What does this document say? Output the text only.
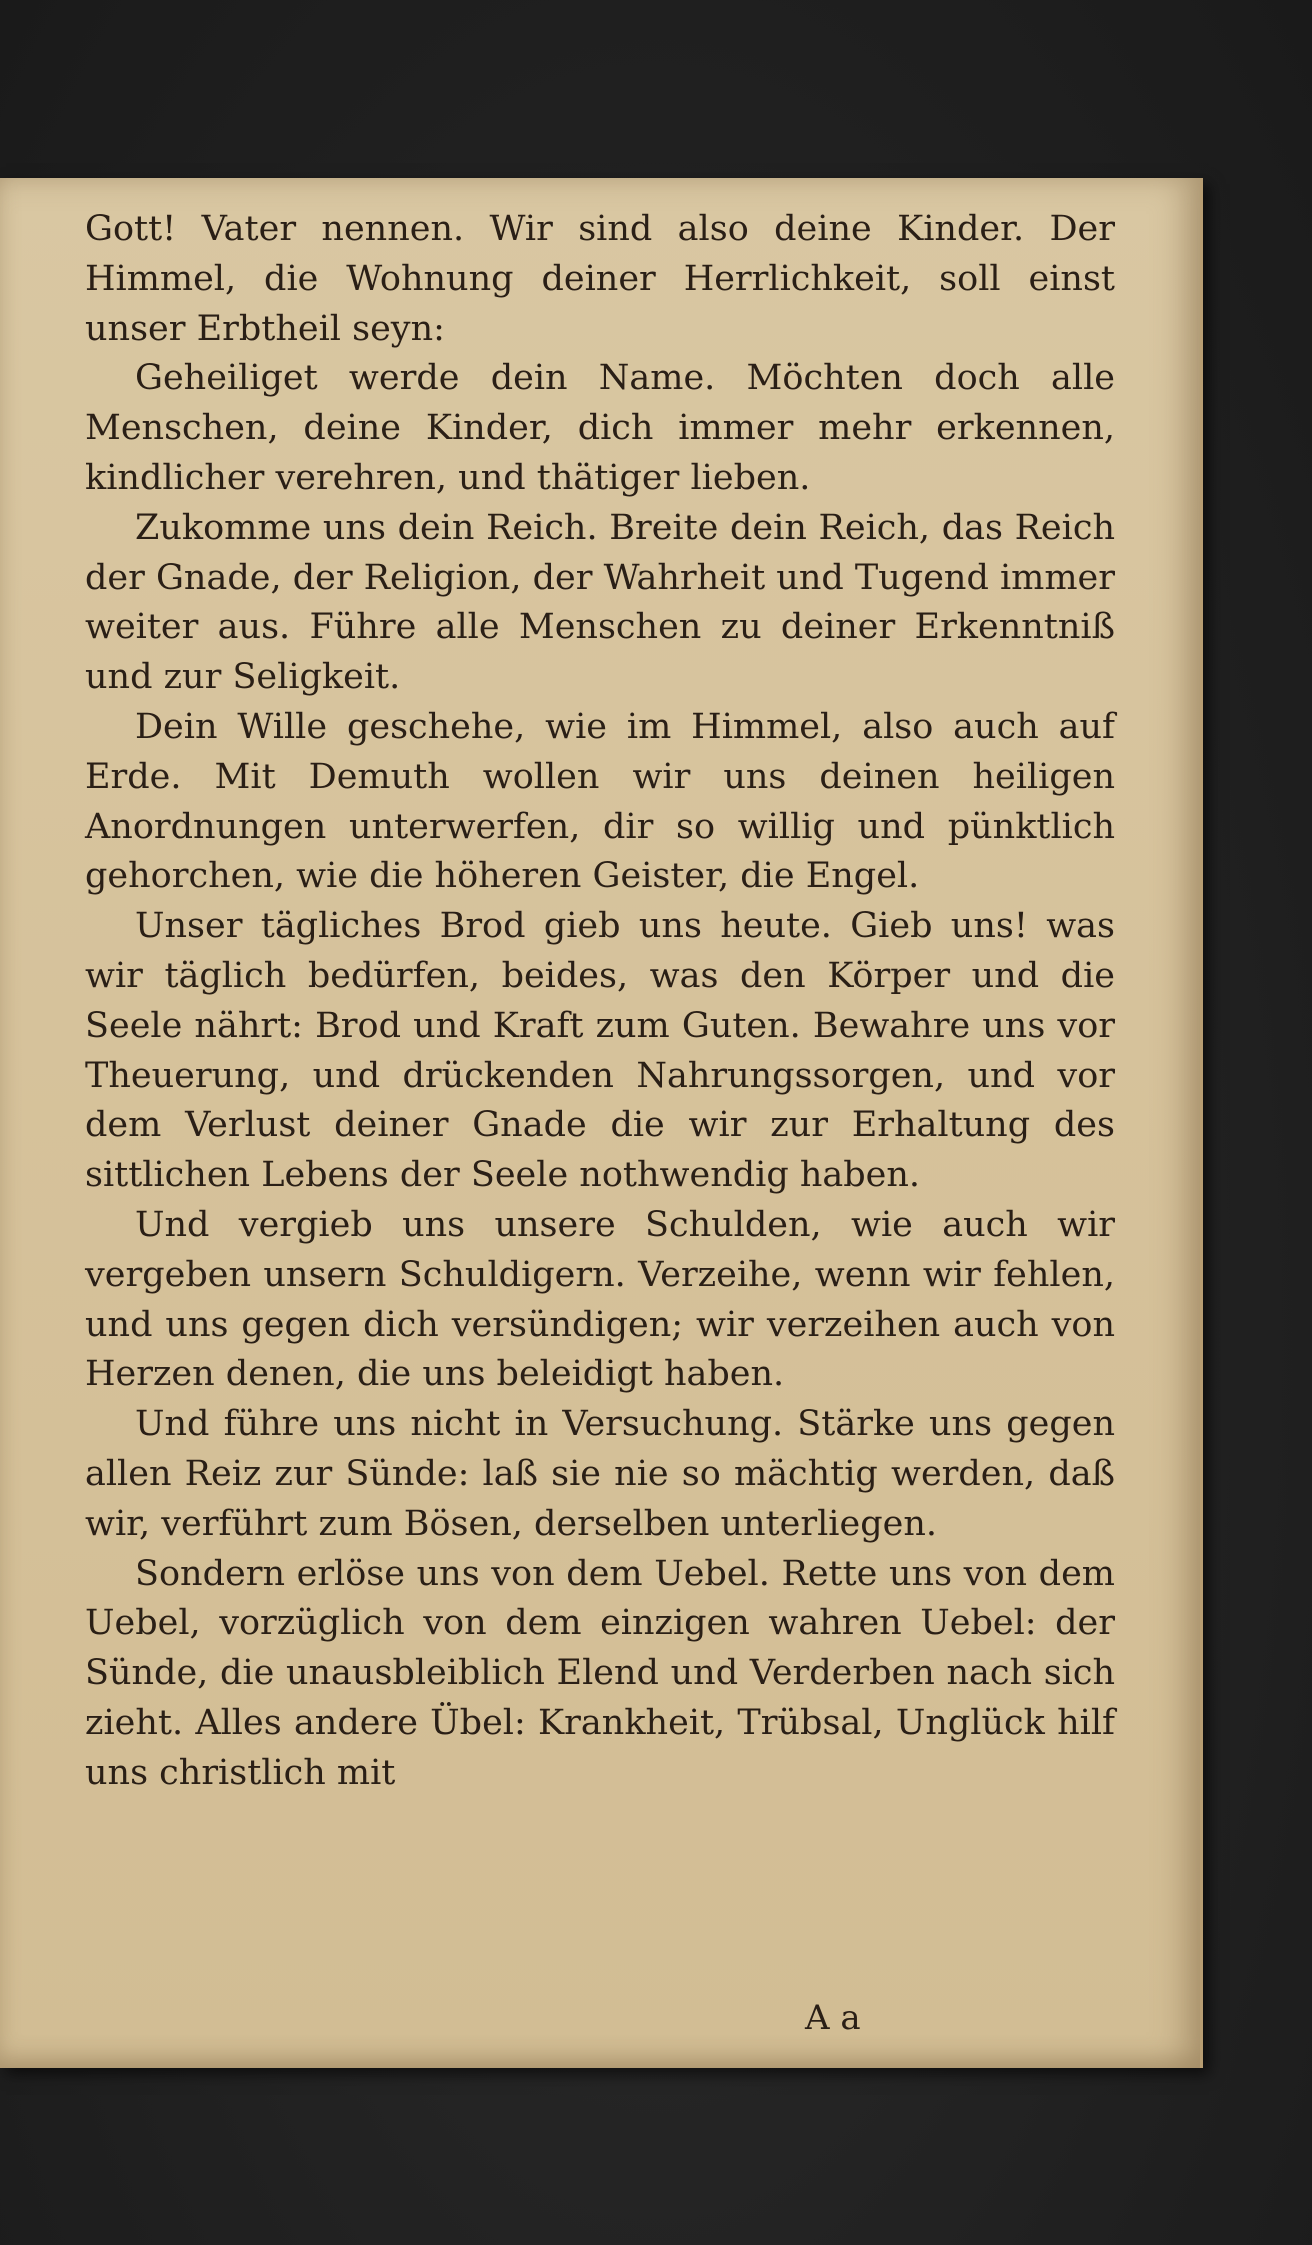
Gott! Vater nennen. Wir sind also deine Kinder. Der Himmel, die Wohnung deiner Herrlichkeit, soll einst unser Erbtheil seyn:

Geheiliget werde dein Name. Möchten doch alle Menschen, deine Kinder, dich immer mehr erkennen, kindlicher verehren, und thätiger lieben.

Zukomme uns dein Reich. Breite dein Reich, das Reich der Gnade, der Religion, der Wahrheit und Tugend immer weiter aus. Führe alle Menschen zu deiner Erkenntniß und zur Seligkeit.

Dein Wille geschehe, wie im Himmel, also auch auf Erde. Mit Demuth wollen wir uns deinen heiligen Anordnungen unterwerfen, dir so willig und pünktlich gehorchen, wie die höheren Geister, die Engel.

Unser tägliches Brod gieb uns heute. Gieb uns! was wir täglich bedürfen, beides, was den Körper und die Seele nährt: Brod und Kraft zum Guten. Bewahre uns vor Theuerung, und drückenden Nahrungssorgen, und vor dem Verlust deiner Gnade die wir zur Erhaltung des sittlichen Lebens der Seele nothwendig haben.

Und vergieb uns unsere Schulden, wie auch wir vergeben unsern Schuldigern. Verzeihe, wenn wir fehlen, und uns gegen dich versündigen; wir verzeihen auch von Herzen denen, die uns beleidigt haben.

Und führe uns nicht in Versuchung. Stärke uns gegen allen Reiz zur Sünde: laß sie nie so mächtig werden, daß wir, verführt zum Bösen, derselben unterliegen.

Sondern erlöse uns von dem Uebel. Rette uns von dem Uebel, vorzüglich von dem einzigen wahren Uebel: der Sünde, die unausbleiblich Elend und Verderben nach sich zieht. Alles andere Übel: Krankheit, Trübsal, Unglück hilf uns christlich mit

A a
